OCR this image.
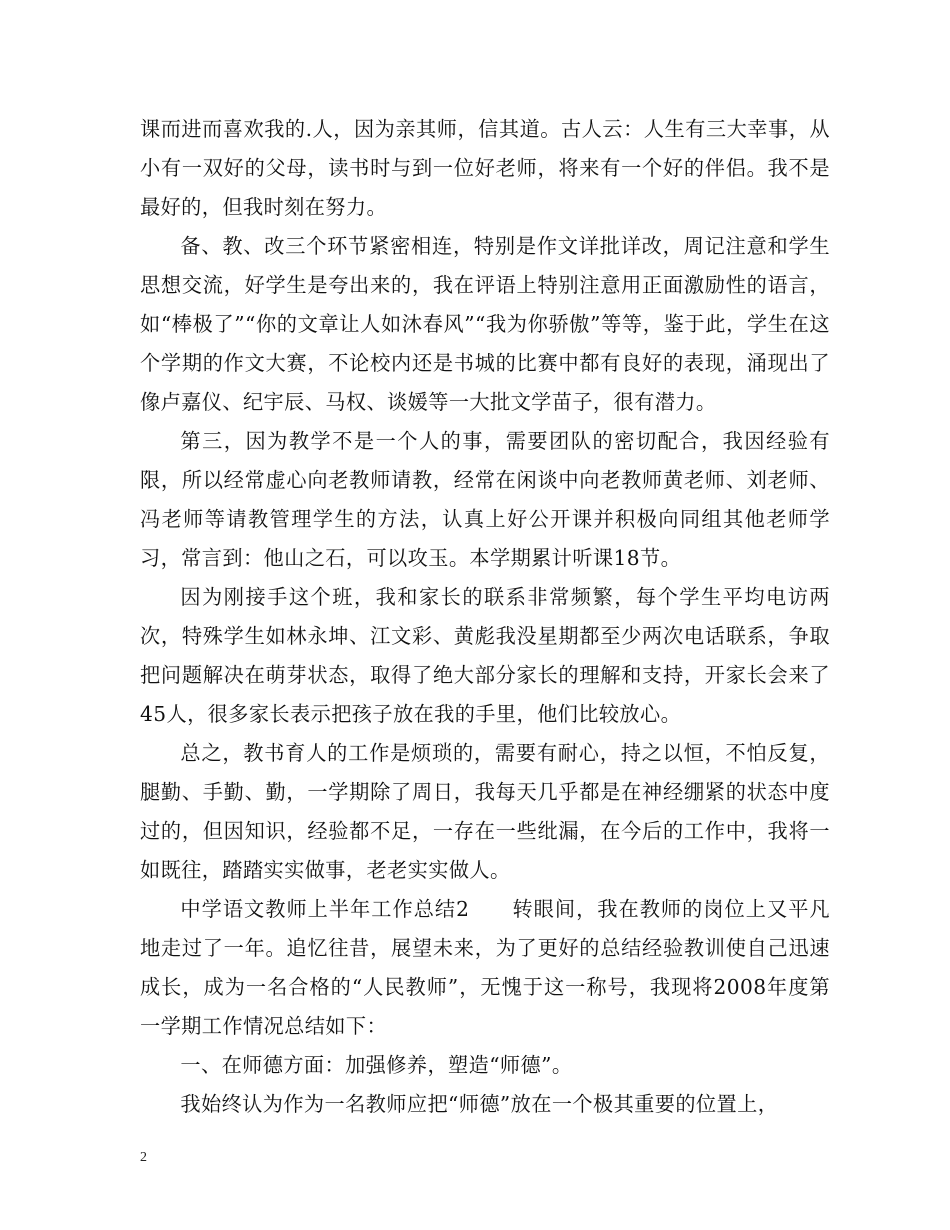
课而进而喜欢我的.人，因为亲其师，信其道。古人云：人生有三大幸事，从小有一双好的父母，读书时与到一位好老师，将来有一个好的伴侣。我不是最好的，但我时刻在努力。

备、教、改三个环节紧密相连，特别是作文详批详改，周记注意和学生思想交流，好学生是夸出来的，我在评语上特别注意用正面激励性的语言，如“棒极了”“你的文章让人如沐春风”“我为你骄傲”等等，鉴于此，学生在这个学期的作文大赛，不论校内还是书城的比赛中都有良好的表现，涌现出了像卢嘉仪、纪宇辰、马权、谈媛等一大批文学苗子，很有潜力。

第三，因为教学不是一个人的事，需要团队的密切配合，我因经验有限，所以经常虚心向老教师请教，经常在闲谈中向老教师黄老师、刘老师、冯老师等请教管理学生的方法，认真上好公开课并积极向同组其他老师学习，常言到：他山之石，可以攻玉。本学期累计听课18节。

因为刚接手这个班，我和家长的联系非常频繁，每个学生平均电访两次，特殊学生如林永坤、江文彩、黄彪我没星期都至少两次电话联系，争取把问题解决在萌芽状态，取得了绝大部分家长的理解和支持，开家长会来了45人，很多家长表示把孩子放在我的手里，他们比较放心。

总之，教书育人的工作是烦琐的，需要有耐心，持之以恒，不怕反复，腿勤、手勤、勤，一学期除了周日，我每天几乎都是在神经绷紧的状态中度过的，但因知识，经验都不足，一存在一些纰漏，在今后的工作中，我将一如既往，踏踏实实做事，老老实实做人。

中学语文教师上半年工作总结2　　转眼间，我在教师的岗位上又平凡地走过了一年。追忆往昔，展望未来，为了更好的总结经验教训使自己迅速成长，成为一名合格的“人民教师”，无愧于这一称号，我现将2008年度第一学期工作情况总结如下：

一、在师德方面：加强修养，塑造“师德”。

我始终认为作为一名教师应把“师德”放在一个极其重要的位置上，

2
